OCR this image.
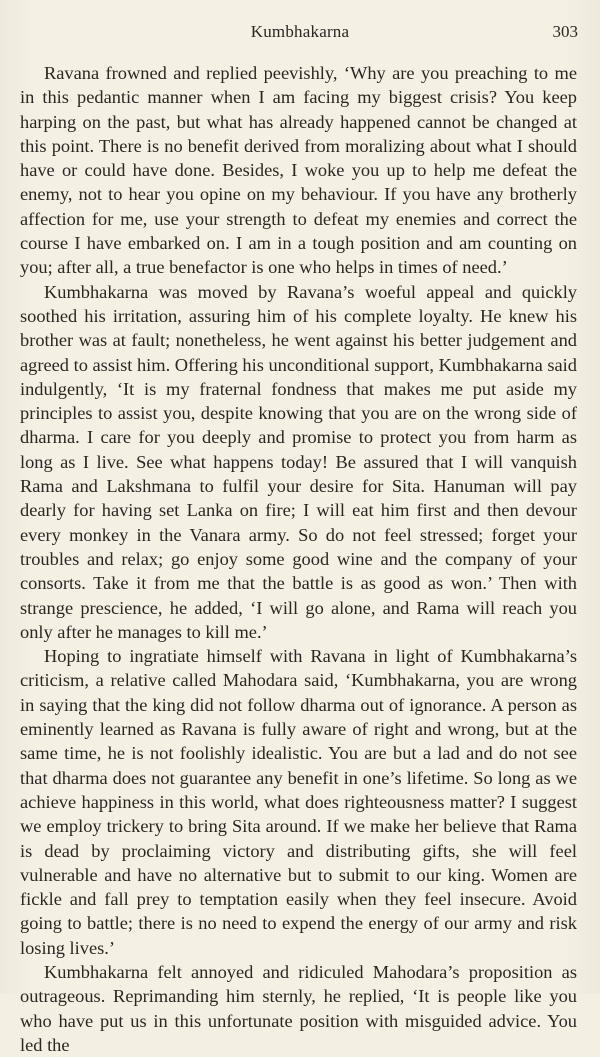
Kumbhakarna	303

Ravana frowned and replied peevishly, ‘Why are you preaching to me in this pedantic manner when I am facing my biggest crisis? You keep harping on the past, but what has already happened cannot be changed at this point. There is no benefit derived from moralizing about what I should have or could have done. Besides, I woke you up to help me defeat the enemy, not to hear you opine on my behaviour. If you have any brotherly affection for me, use your strength to defeat my enemies and correct the course I have embarked on. I am in a tough position and am counting on you; after all, a true benefactor is one who helps in times of need.’

Kumbhakarna was moved by Ravana’s woeful appeal and quickly soothed his irritation, assuring him of his complete loyalty. He knew his brother was at fault; nonetheless, he went against his better judgement and agreed to assist him. Offering his unconditional support, Kumbhakarna said indulgently, ‘It is my fraternal fondness that makes me put aside my principles to assist you, despite knowing that you are on the wrong side of dharma. I care for you deeply and promise to protect you from harm as long as I live. See what happens today! Be assured that I will vanquish Rama and Lakshmana to fulfil your desire for Sita. Hanuman will pay dearly for having set Lanka on fire; I will eat him first and then devour every monkey in the Vanara army. So do not feel stressed; forget your troubles and relax; go enjoy some good wine and the company of your consorts. Take it from me that the battle is as good as won.’ Then with strange prescience, he added, ‘I will go alone, and Rama will reach you only after he manages to kill me.’

Hoping to ingratiate himself with Ravana in light of Kumbhakarna’s criticism, a relative called Mahodara said, ‘Kumbhakarna, you are wrong in saying that the king did not follow dharma out of ignorance. A person as eminently learned as Ravana is fully aware of right and wrong, but at the same time, he is not foolishly idealistic. You are but a lad and do not see that dharma does not guarantee any benefit in one’s lifetime. So long as we achieve happiness in this world, what does righteousness matter? I suggest we employ trickery to bring Sita around. If we make her believe that Rama is dead by proclaiming victory and distributing gifts, she will feel vulnerable and have no alternative but to submit to our king. Women are fickle and fall prey to temptation easily when they feel insecure. Avoid going to battle; there is no need to expend the energy of our army and risk losing lives.’

Kumbhakarna felt annoyed and ridiculed Mahodara’s proposition as outrageous. Reprimanding him sternly, he replied, ‘It is people like you who have put us in this unfortunate position with misguided advice. You led the
